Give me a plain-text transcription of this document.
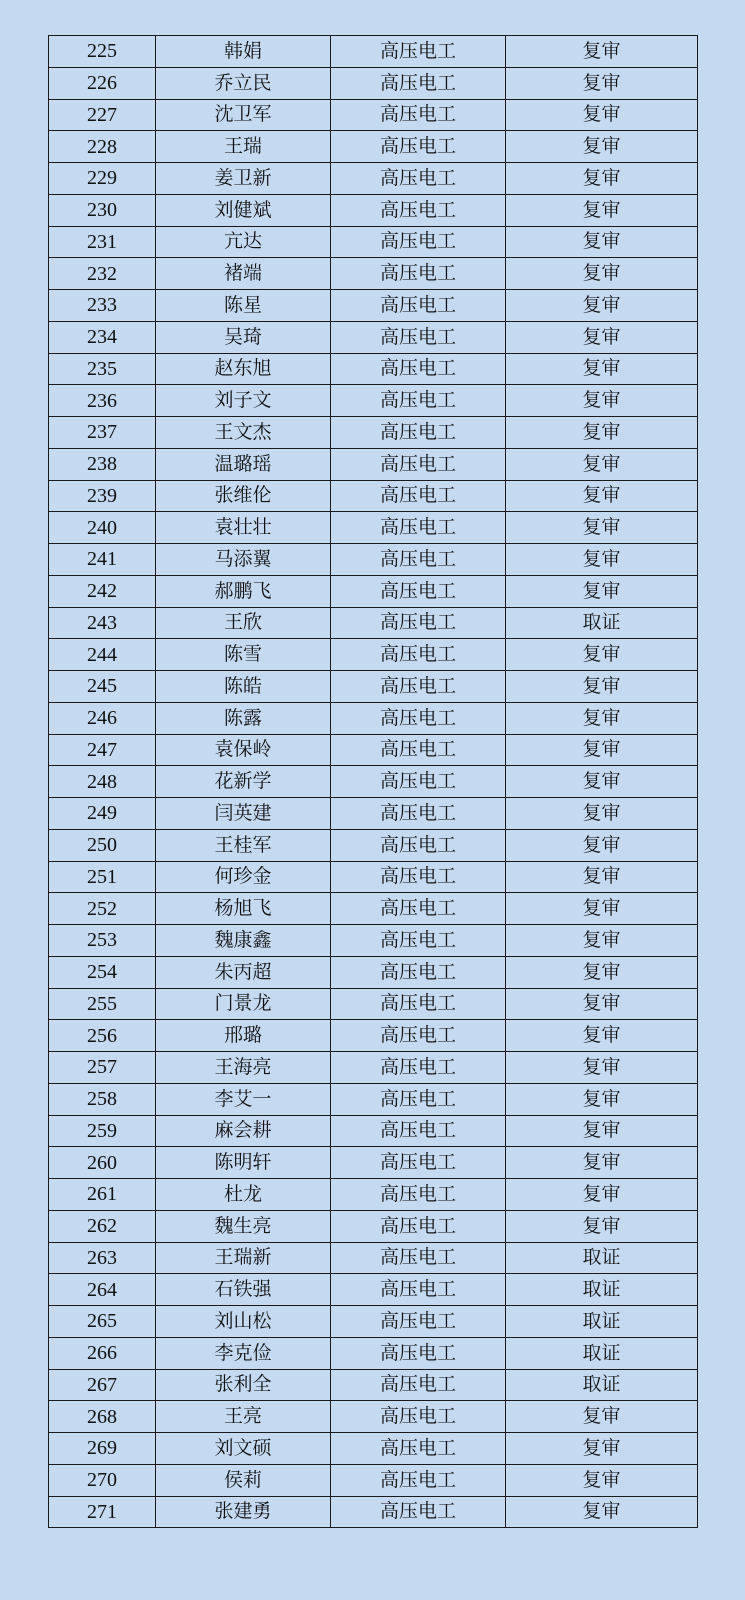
225	韩娟	高压电工	复审
226	乔立民	高压电工	复审
227	沈卫军	高压电工	复审
228	王瑞	高压电工	复审
229	姜卫新	高压电工	复审
230	刘健斌	高压电工	复审
231	亢达	高压电工	复审
232	褚端	高压电工	复审
233	陈星	高压电工	复审
234	吴琦	高压电工	复审
235	赵东旭	高压电工	复审
236	刘子文	高压电工	复审
237	王文杰	高压电工	复审
238	温璐瑶	高压电工	复审
239	张维伦	高压电工	复审
240	袁壮壮	高压电工	复审
241	马添翼	高压电工	复审
242	郝鹏飞	高压电工	复审
243	王欣	高压电工	取证
244	陈雪	高压电工	复审
245	陈皓	高压电工	复审
246	陈露	高压电工	复审
247	袁保岭	高压电工	复审
248	花新学	高压电工	复审
249	闫英建	高压电工	复审
250	王桂军	高压电工	复审
251	何珍金	高压电工	复审
252	杨旭飞	高压电工	复审
253	魏康鑫	高压电工	复审
254	朱丙超	高压电工	复审
255	门景龙	高压电工	复审
256	邢璐	高压电工	复审
257	王海亮	高压电工	复审
258	李艾一	高压电工	复审
259	麻会耕	高压电工	复审
260	陈明轩	高压电工	复审
261	杜龙	高压电工	复审
262	魏生亮	高压电工	复审
263	王瑞新	高压电工	取证
264	石铁强	高压电工	取证
265	刘山松	高压电工	取证
266	李克俭	高压电工	取证
267	张利全	高压电工	取证
268	王亮	高压电工	复审
269	刘文硕	高压电工	复审
270	侯莉	高压电工	复审
271	张建勇	高压电工	复审
